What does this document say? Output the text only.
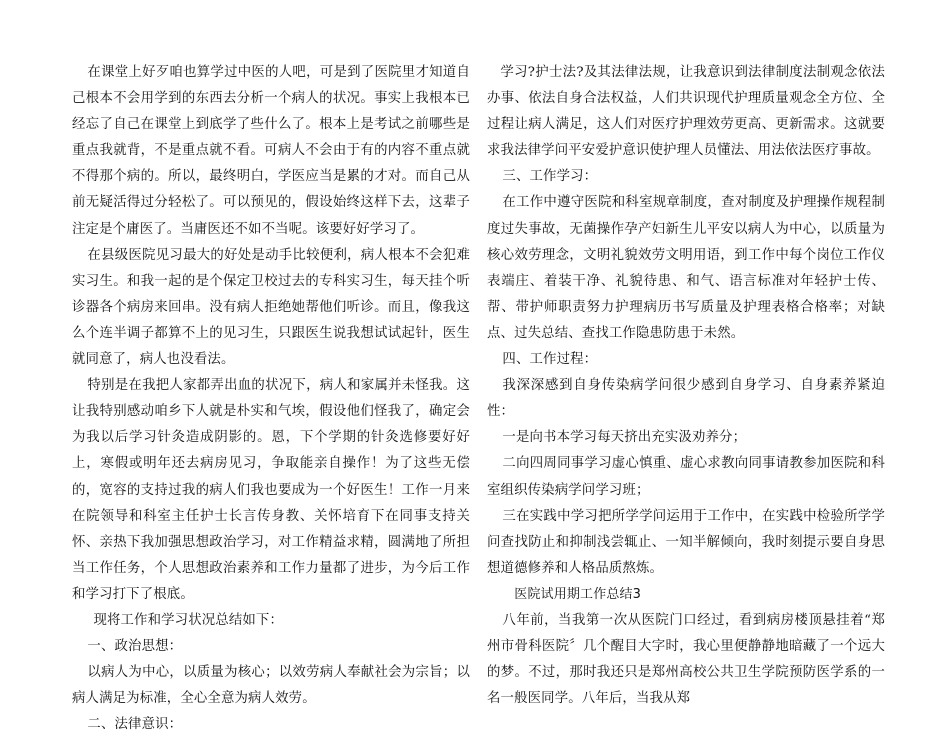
在课堂上好歹咱也算学过中医的人吧，可是到了医院里才知道自己根本不会用学到的东西去分析一个病人的状况。事实上我根本已经忘了自己在课堂上到底学了些什么了。根本上是考试之前哪些是重点我就背，不是重点就不看。可病人不会由于有的内容不重点就不得那个病的。所以，最终明白，学医应当是累的才对。而自己从前无疑活得过分轻松了。可以预见的，假设始终这样下去，这辈子注定是个庸医了。当庸医还不如不当呢。该要好好学习了。

在县级医院见习最大的好处是动手比较便利，病人根本不会犯难实习生。和我一起的是个保定卫校过去的专科实习生，每天挂个听诊器各个病房来回串。没有病人拒绝她帮他们听诊。而且，像我这么个连半调子都算不上的见习生，只跟医生说我想试试起针，医生就同意了，病人也没看法。

特别是在我把人家都弄出血的状况下，病人和家属并未怪我。这让我特别感动咱乡下人就是朴实和气埃，假设他们怪我了，确定会为我以后学习针灸造成阴影的。恩，下个学期的针灸选修要好好上，寒假或明年还去病房见习，争取能亲自操作！为了这些无偿的，宽容的支持过我的病人们我也要成为一个好医生！工作一月来在院领导和科室主任护士长言传身教、关怀培育下在同事支持关怀、亲热下我加强思想政治学习，对工作精益求精，圆满地了所担当工作任务，个人思想政治素养和工作力量都了进步，为今后工作和学习打下了根底。

现将工作和学习状况总结如下：

一、政治思想：

以病人为中心，以质量为核心；以效劳病人奉献社会为宗旨；以病人满足为标准，全心全意为病人效劳。

二、法律意识：

学习?护士法?及其法律法规，让我意识到法律制度法制观念依法办事、依法自身合法权益，人们共识现代护理质量观念全方位、全过程让病人满足，这人们对医疗护理效劳更高、更新需求。这就要求我法律学问平安爱护意识使护理人员懂法、用法依法医疗事故。

三、工作学习：

在工作中遵守医院和科室规章制度，查对制度及护理操作规程制度过失事故，无菌操作孕产妇新生儿平安以病人为中心，以质量为核心效劳理念，文明礼貌效劳文明用语，到工作中每个岗位工作仪表端庄、着装干净、礼貌待患、和气、语言标准对年轻护士传、帮、带护师职责努力护理病历书写质量及护理表格合格率；对缺点、过失总结、查找工作隐患防患于未然。

四、工作过程：

我深深感到自身传染病学问很少感到自身学习、自身素养紧迫性：

一是向书本学习每天挤出充实汲劝养分；

二向四周同事学习虚心慎重、虚心求教向同事请教参加医院和科室组织传染病学问学习班；

三在实践中学习把所学学问运用于工作中，在实践中检验所学学问查找防止和抑制浅尝辄止、一知半解倾向，我时刻提示要自身思想道德修养和人格品质熬炼。

医院试用期工作总结3

八年前，当我第一次从医院门口经过，看到病房楼顶悬挂着“郑州市骨科医院〞几个醒目大字时，我心里便静静地暗藏了一个远大的梦。不过，那时我还只是郑州高校公共卫生学院预防医学系的一名一般医同学。八年后，当我从郑
